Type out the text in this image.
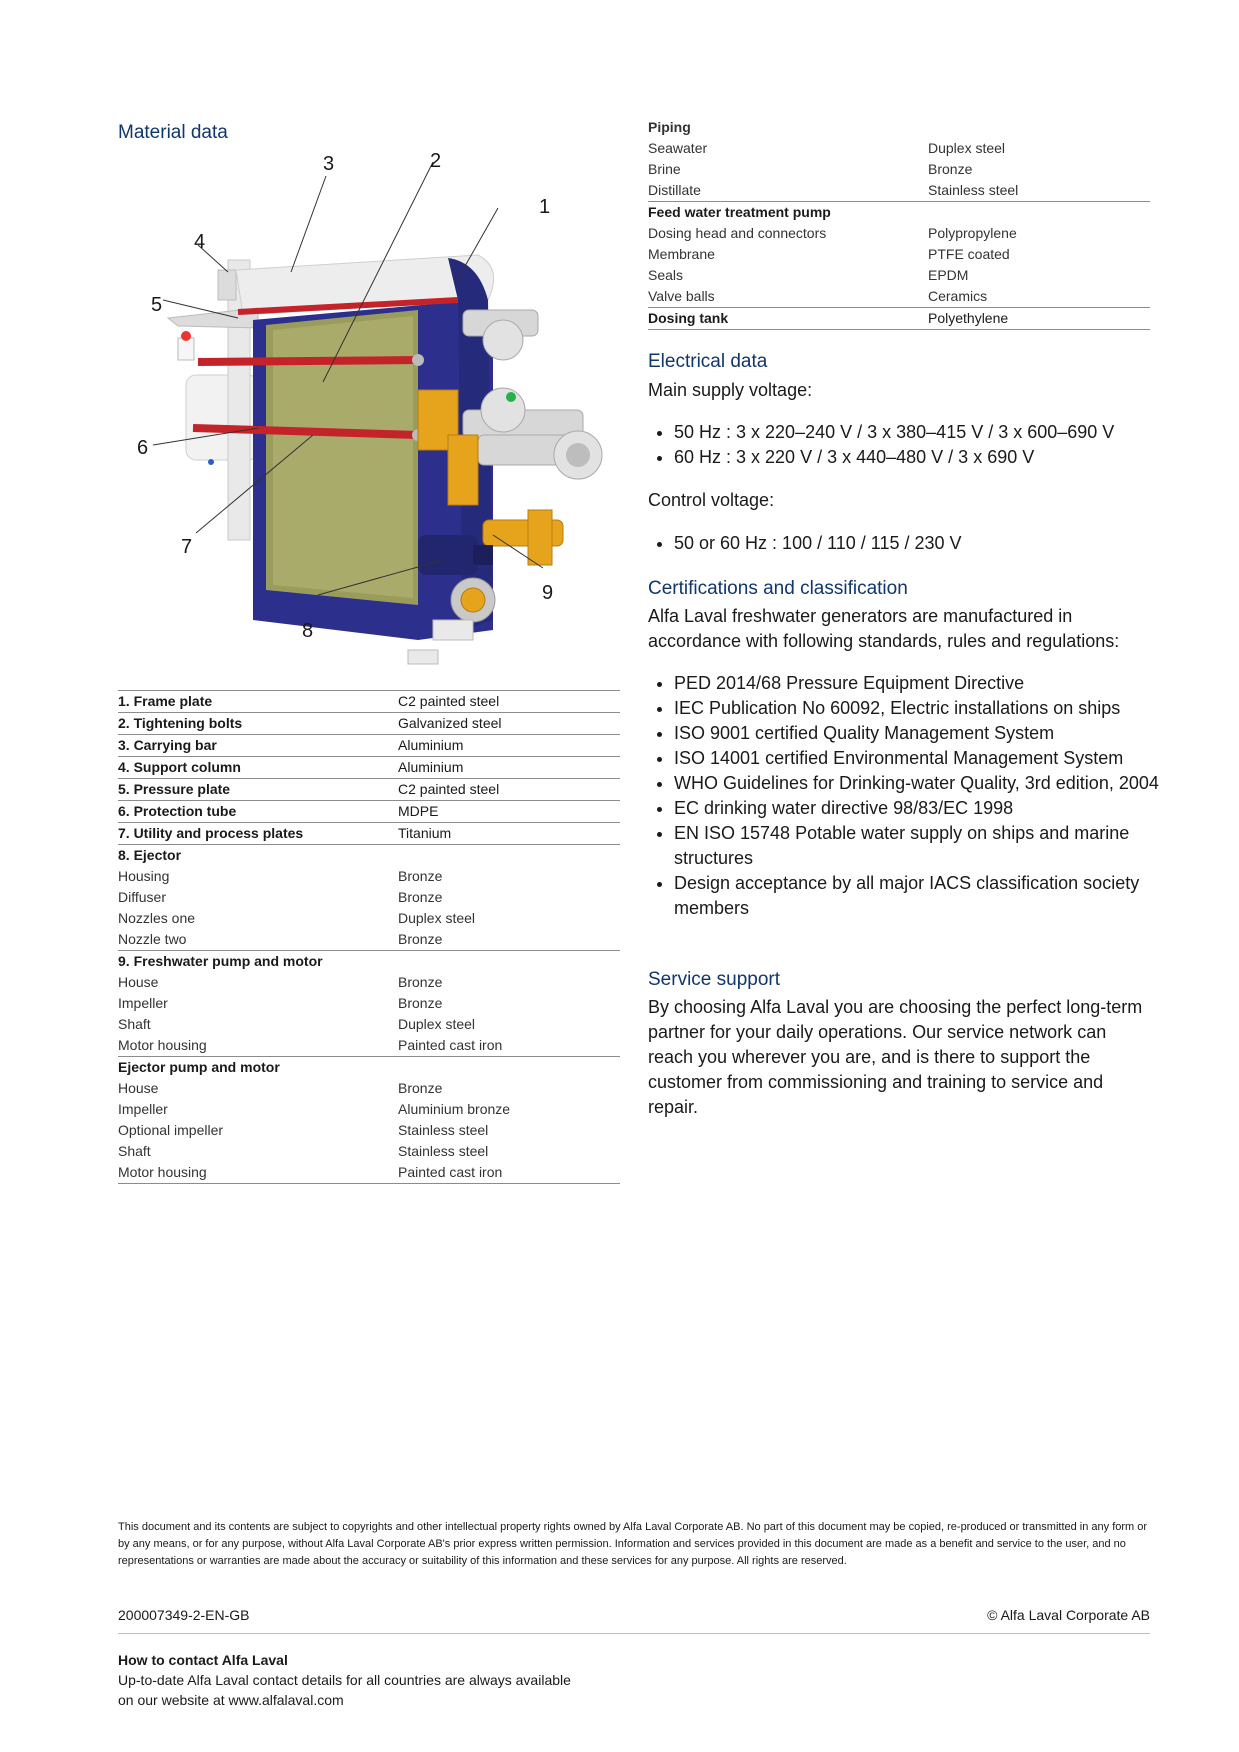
Material data
1
2
3
4
5
6
7
8
9
1. Frame plate	C2 painted steel
2. Tightening bolts	Galvanized steel
3. Carrying bar	Aluminium
4. Support column	Aluminium
5. Pressure plate	C2 painted steel
6. Protection tube	MDPE
7. Utility and process plates	Titanium
8. Ejector	
Housing	Bronze
Diffuser	Bronze
Nozzles one	Duplex steel
Nozzle two	Bronze
9. Freshwater pump and motor	
House	Bronze
Impeller	Bronze
Shaft	Duplex steel
Motor housing	Painted cast iron
Ejector pump and motor	
House	Bronze
Impeller	Aluminium bronze
Optional impeller	Stainless steel
Shaft	Stainless steel
Motor housing	Painted cast iron
Piping	
Seawater	Duplex steel
Brine	Bronze
Distillate	Stainless steel
Feed water treatment pump	
Dosing head and connectors	Polypropylene
Membrane	PTFE coated
Seals	EPDM
Valve balls	Ceramics
Dosing tank	Polyethylene
Electrical data
Main supply voltage:
• 50 Hz : 3 x 220–240 V / 3 x 380–415 V / 3 x 600–690 V
• 60 Hz : 3 x 220 V / 3 x 440–480 V / 3 x 690 V
Control voltage:
• 50 or 60 Hz : 100 / 110 / 115 / 230 V
Certifications and classification
Alfa Laval freshwater generators are manufactured in accordance with following standards, rules and regulations:
• PED 2014/68 Pressure Equipment Directive
• IEC Publication No 60092, Electric installations on ships
• ISO 9001 certified Quality Management System
• ISO 14001 certified Environmental Management System
• WHO Guidelines for Drinking-water Quality, 3rd edition, 2004
• EC drinking water directive 98/83/EC 1998
• EN ISO 15748 Potable water supply on ships and marine structures
• Design acceptance by all major IACS classification society members
Service support
By choosing Alfa Laval you are choosing the perfect long-term partner for your daily operations. Our service network can reach you wherever you are, and is there to support the customer from commissioning and training to service and repair.
This document and its contents are subject to copyrights and other intellectual property rights owned by Alfa Laval Corporate AB. No part of this document may be copied, re-produced or transmitted in any form or by any means, or for any purpose, without Alfa Laval Corporate AB's prior express written permission. Information and services provided in this document are made as a benefit and service to the user, and no representations or warranties are made about the accuracy or suitability of this information and these services for any purpose. All rights are reserved.
200007349-2-EN-GB	© Alfa Laval Corporate AB
How to contact Alfa Laval
Up-to-date Alfa Laval contact details for all countries are always available
on our website at www.alfalaval.com
